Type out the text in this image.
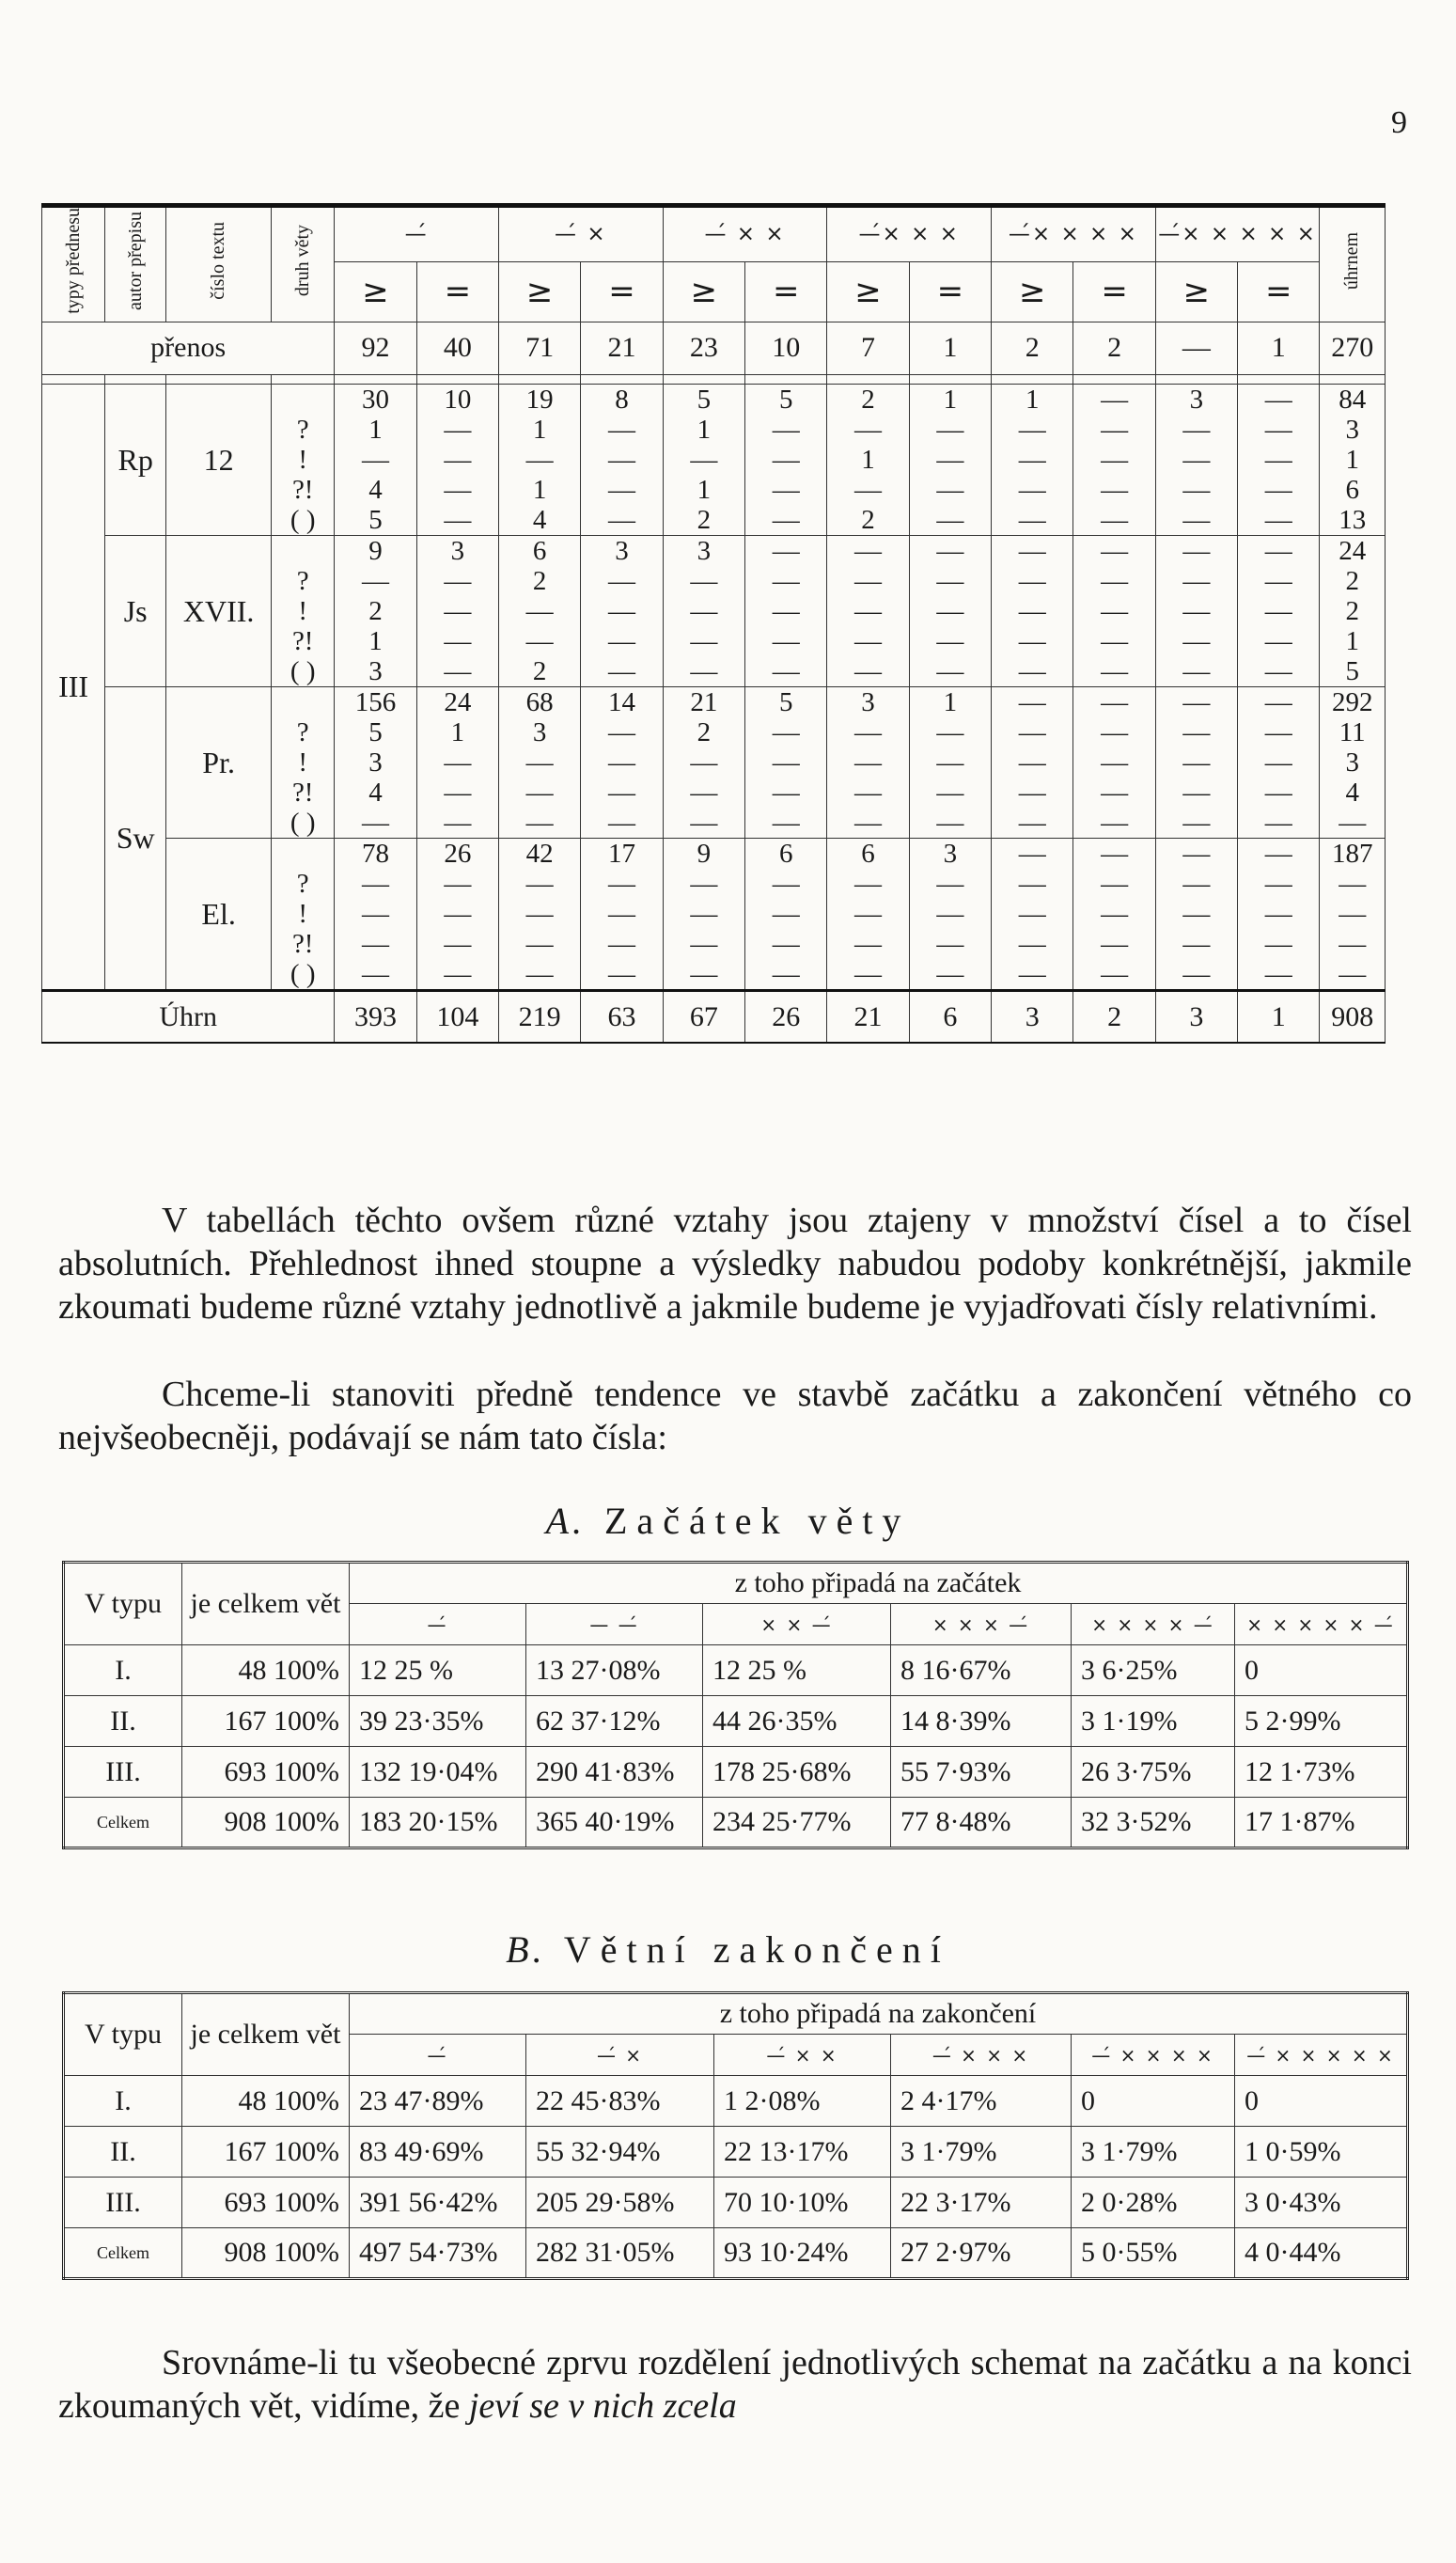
9
typy přednesu	autor přepisu	číslo textu	druh věty	—́		—́ ×		—́ × ×		—́× × ×		—́× × × ×		—́× × × × ×		úhrnem
				≥	=	≥	=	≥	=	≥	=	≥	=	≥	=	
přenos				92	40	71	21	23	10	7	1	2	2	—	1	270

III	Rp	12		30	10	19	8	5	5	2	1	1	—	3	—	84
			?	1	—	1	—	1	—	—	—	—	—	—	—	3
			!	—	—	—	—	—	—	1	—	—	—	—	—	1
			?!	4	—	1	—	1	—	—	—	—	—	—	—	6
			( )	5	—	4	—	2	—	2	—	—	—	—	—	13
	Js	XVII.		9	3	6	3	3	—	—	—	—	—	—	—	24
			?	—	—	2	—	—	—	—	—	—	—	—	—	2
			!	2	—	—	—	—	—	—	—	—	—	—	—	2
			?!	1	—	—	—	—	—	—	—	—	—	—	—	1
			( )	3	—	2	—	—	—	—	—	—	—	—	—	5
	Sw	Pr.		156	24	68	14	21	5	3	1	—	—	—	—	292
			?	5	1	3	—	2	—	—	—	—	—	—	—	11
			!	3	—	—	—	—	—	—	—	—	—	—	—	3
			?!	4	—	—	—	—	—	—	—	—	—	—	—	4
			( )	—	—	—	—	—	—	—	—	—	—	—	—	—
		El.		78	26	42	17	9	6	6	3	—	—	—	—	187
			?	—	—	—	—	—	—	—	—	—	—	—	—	—
			!	—	—	—	—	—	—	—	—	—	—	—	—	—
			?!	—	—	—	—	—	—	—	—	—	—	—	—	—
			( )	—	—	—	—	—	—	—	—	—	—	—	—	—
Úhrn				393	104	219	63	67	26	21	6	3	2	3	1	908

V tabellách těchto ovšem různé vztahy jsou ztajeny v množství čísel a to čísel absolutních. Přehlednost ihned stoupne a výsledky nabudou podoby konkrétnější, jakmile zkoumati budeme různé vztahy jednotlivě a jakmile budeme je vyjadřovati čísly relativními.

Chceme-li stanoviti předně tendence ve stavbě začátku a zakončení větného co nejvšeobecněji, podávají se nám tato čísla:

A. Začátek věty
V typu	je celkem vět	z toho připadá na začátek					
		—́	— —́	× × —́	× × × —́	× × × × —́	× × × × × —́
I.	48 100%	12 25 %	13 27·08%	12 25 %	8 16·67%	3 6·25%	0
II.	167 100%	39 23·35%	62 37·12%	44 26·35%	14 8·39%	3 1·19%	5 2·99%
III.	693 100%	132 19·04%	290 41·83%	178 25·68%	55 7·93%	26 3·75%	12 1·73%
Celkem	908 100%	183 20·15%	365 40·19%	234 25·77%	77 8·48%	32 3·52%	17 1·87%
B. Větní zakončení
V typu	je celkem vět	z toho připadá na zakončení					
		—́	—́ ×	—́ × ×	—́ × × ×	—́ × × × ×	—́ × × × × ×
I.	48 100%	23 47·89%	22 45·83%	1 2·08%	2 4·17%	0	0
II.	167 100%	83 49·69%	55 32·94%	22 13·17%	3 1·79%	3 1·79%	1 0·59%
III.	693 100%	391 56·42%	205 29·58%	70 10·10%	22 3·17%	2 0·28%	3 0·43%
Celkem	908 100%	497 54·73%	282 31·05%	93 10·24%	27 2·97%	5 0·55%	4 0·44%

Srovnáme-li tu všeobecné zprvu rozdělení jednotlivých schemat na začátku a na konci zkoumaných vět, vidíme, že jeví se v nich zcela
